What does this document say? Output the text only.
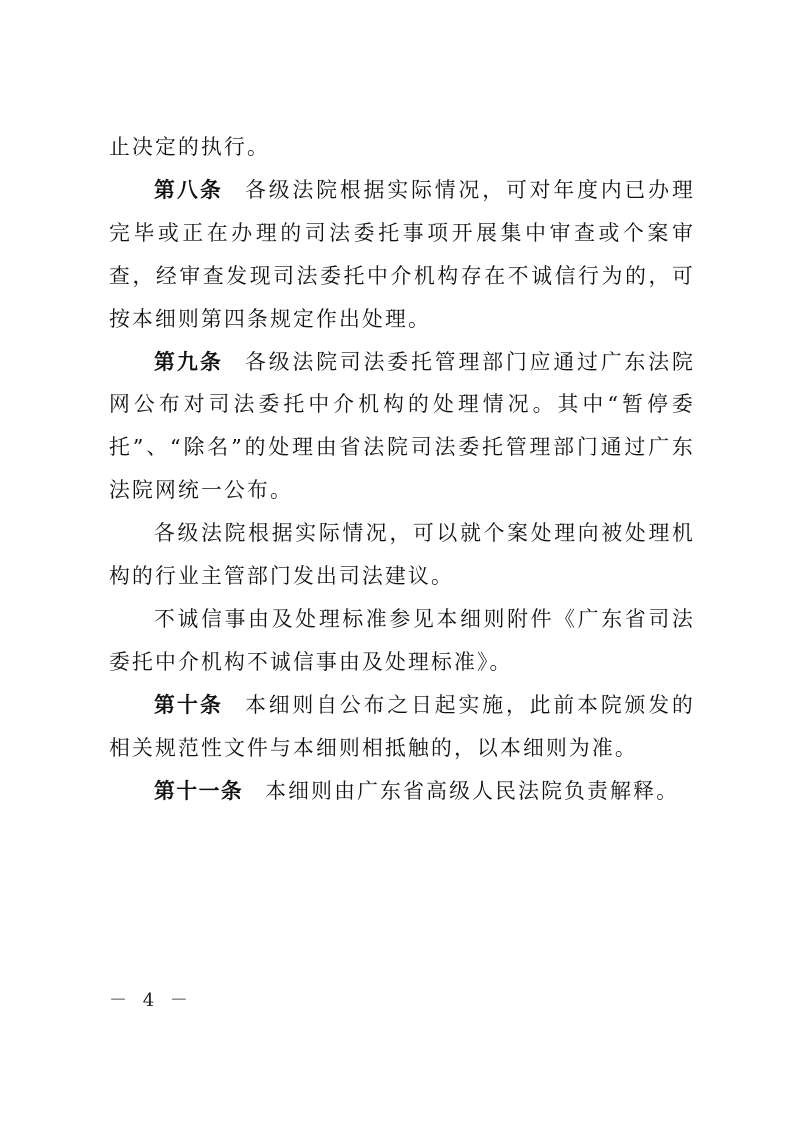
止决定的执行。

第八条 各级法院根据实际情况，可对年度内已办理完毕或正在办理的司法委托事项开展集中审查或个案审查，经审查发现司法委托中介机构存在不诚信行为的，可按本细则第四条规定作出处理。

第九条 各级法院司法委托管理部门应通过广东法院网公布对司法委托中介机构的处理情况。其中“暂停委托”、“除名”的处理由省法院司法委托管理部门通过广东法院网统一公布。

各级法院根据实际情况，可以就个案处理向被处理机构的行业主管部门发出司法建议。

不诚信事由及处理标准参见本细则附件《广东省司法委托中介机构不诚信事由及处理标准》。

第十条 本细则自公布之日起实施，此前本院颁发的相关规范性文件与本细则相抵触的，以本细则为准。

第十一条 本细则由广东省高级人民法院负责解释。

－ 4 －
